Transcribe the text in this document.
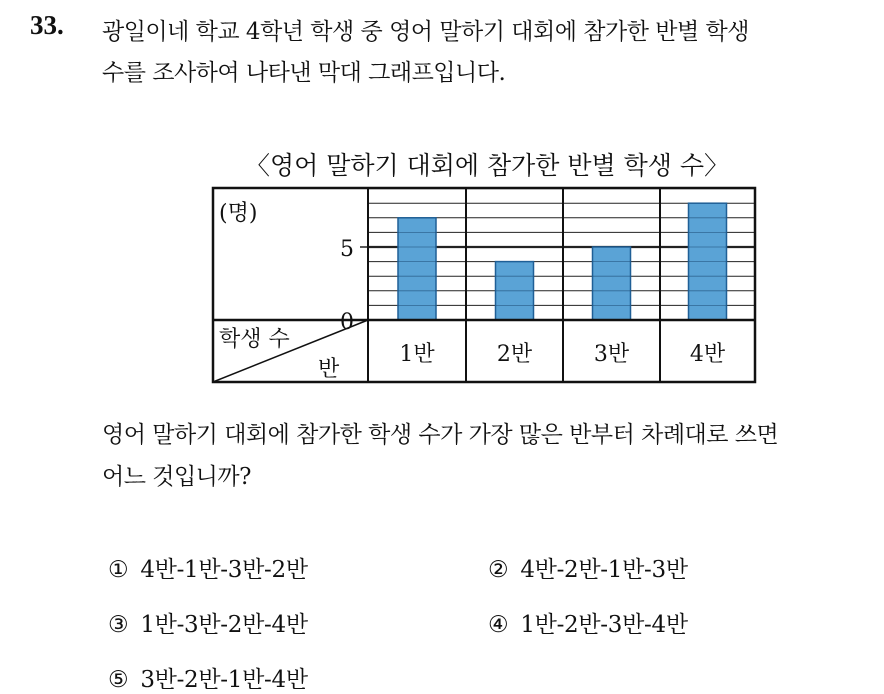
33. 광일이네 학교 4학년 학생 중 영어 말하기 대회에 참가한 반별 학생
수를 조사하여 나타낸 막대 그래프입니다.
〈영어 말하기 대회에 참가한 반별 학생 수〉
0
5
1반	2반	3반	4반
(명)
학생 수
반
영어 말하기 대회에 참가한 학생 수가 가장 많은 반부터 차례대로 쓰면
어느 것입니까?
① 4반-1반-3반-2반	② 4반-2반-1반-3반
③ 1반-3반-2반-4반	④ 1반-2반-3반-4반
⑤ 3반-2반-1반-4반
